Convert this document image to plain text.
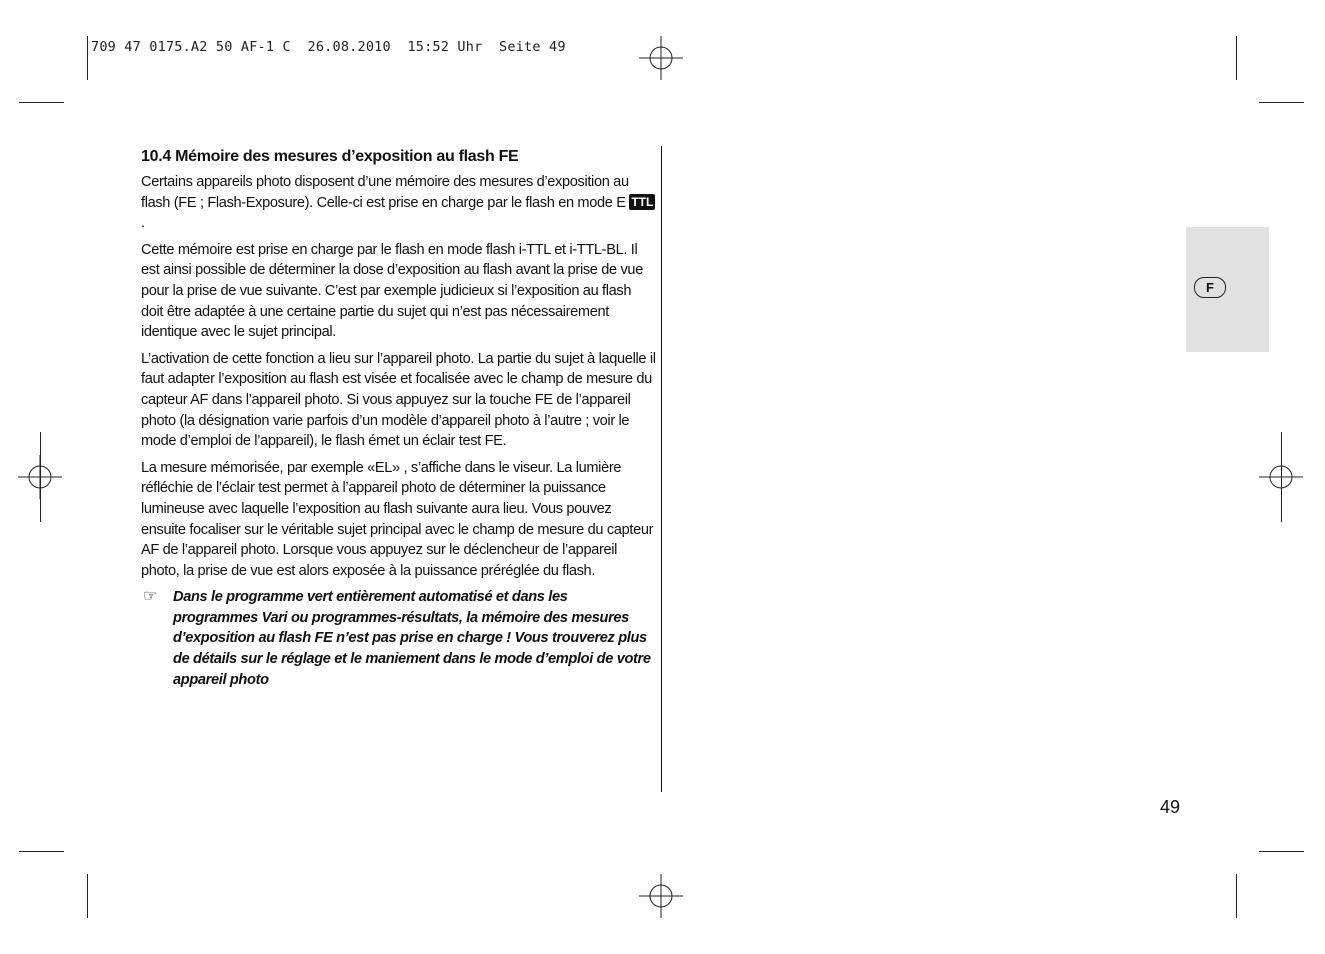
709 47 0175.A2 50 AF-1 C  26.08.2010  15:52 Uhr  Seite 49
10.4 Mémoire des mesures d’exposition au flash FE

Certains appareils photo disposent d’une mémoire des mesures d’exposition au flash (FE ; Flash-Exposure). Celle-ci est prise en charge par le flash en mode E TTL.

Cette mémoire est prise en charge par le flash en mode flash i-TTL et i-TTL-BL. Il est ainsi possible de déterminer la dose d’exposition au flash avant la prise de vue pour la prise de vue suivante. C’est par exemple judicieux si l’exposition au flash doit être adaptée à une certaine partie du sujet qui n’est pas nécessairement identique avec le sujet principal.

L’activation de cette fonction a lieu sur l’appareil photo. La partie du sujet à laquelle il faut adapter l’exposition au flash est visée et focalisée avec le champ de mesure du capteur AF dans l’appareil photo. Si vous appuyez sur la touche FE de l’appareil photo (la désignation varie parfois d’un modèle d’appareil photo à l’autre ; voir le mode d’emploi de l’appareil), le flash émet un éclair test FE.

La mesure mémorisée, par exemple «EL» , s’affiche dans le viseur. La lumière réfléchie de l’éclair test permet à l’appareil photo de déterminer la puissance lumineuse avec laquelle l’exposition au flash suivante aura lieu. Vous pouvez ensuite focaliser sur le véritable sujet principal avec le champ de mesure du capteur AF de l’appareil photo. Lorsque vous appuyez sur le déclencheur de l’appareil photo, la prise de vue est alors exposée à la puissance préréglée du flash.

☞ Dans le programme vert entièrement automatisé et dans les programmes Vari ou programmes-résultats, la mémoire des mesures d’exposition au flash FE n’est pas prise en charge ! Vous trouverez plus de détails sur le réglage et le maniement dans le mode d’emploi de votre appareil photo
F
49
